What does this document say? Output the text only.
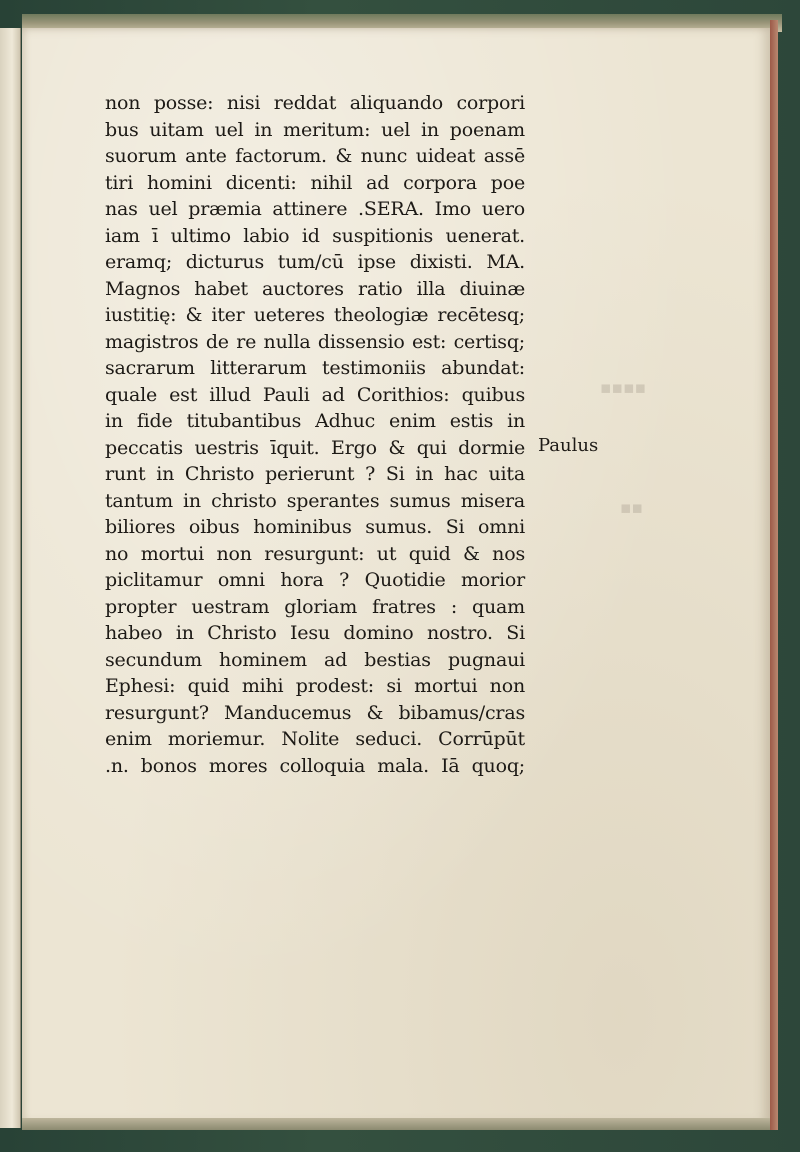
▪▪▪▪
▪▪
non posse: nisi reddat aliquando corpori
bus uitam uel in meritum: uel in poenam
suorum ante factorum. & nunc uideat assē
tiri homini dicenti: nihil ad corpora poe
nas uel præmia attinere .SERA. Imo uero
iam ī ultimo labio id suspitionis uenerat.
eramq; dicturus tum/cū ipse dixisti. MA.
Magnos habet auctores ratio illa diuinæ
iustitię: & iter ueteres theologiæ recētesq;
magistros de re nulla dissensio est: certisq;
sacrarum litterarum testimoniis abundat:
quale est illud Pauli ad Corithios: quibus
in fide titubantibus Adhuc enim estis in
peccatis uestris īquit. Ergo & qui dormie
runt in Christo perierunt ? Si in hac uita
tantum in christo sperantes sumus misera
biliores oibus hominibus sumus. Si omni
no mortui non resurgunt: ut quid & nos
piclitamur omni hora ? Quotidie morior
propter uestram gloriam fratres : quam
habeo in Christo Iesu domino nostro. Si
secundum hominem ad bestias pugnaui
Ephesi: quid mihi prodest: si mortui non
resurgunt? Manducemus & bibamus/cras
enim moriemur. Nolite seduci. Corrūpūt
.n. bonos mores colloquia mala. Iā quoq;
Paulus
